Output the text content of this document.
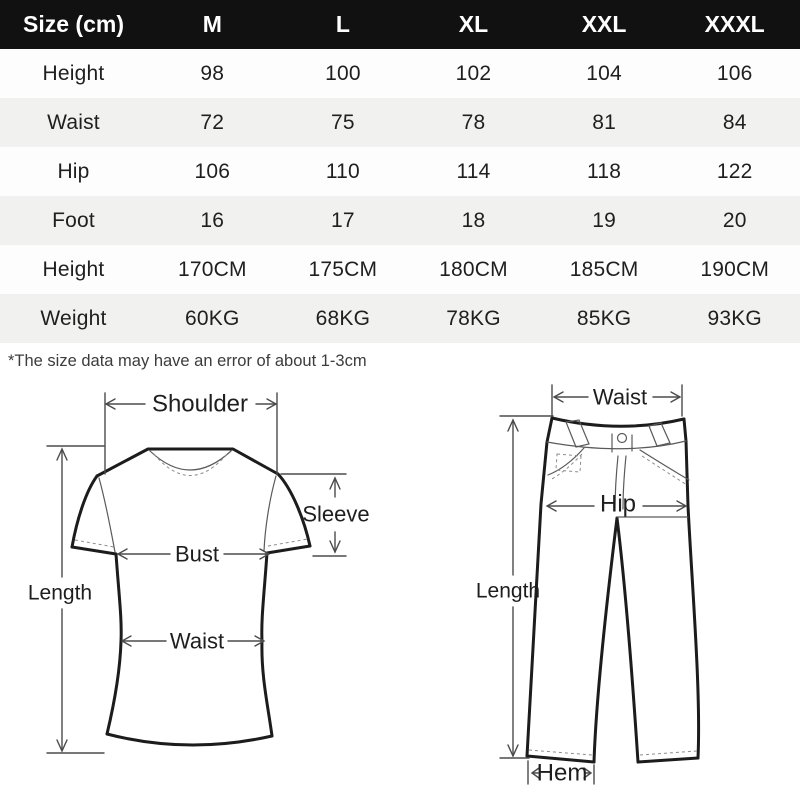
Size (cm)	M	L	XL	XXL	XXXL
Height	98	100	102	104	106
Waist	72	75	78	81	84
Hip	106	110	114	118	122
Foot	16	17	18	19	20
Height	170CM	175CM	180CM	185CM	190CM
Weight	60KG	68KG	78KG	85KG	93KG
*The size data may have an error of about 1-3cm
Shoulder
Length
Bust
Waist
Sleeve
Waist
Hip
Length
Hem
